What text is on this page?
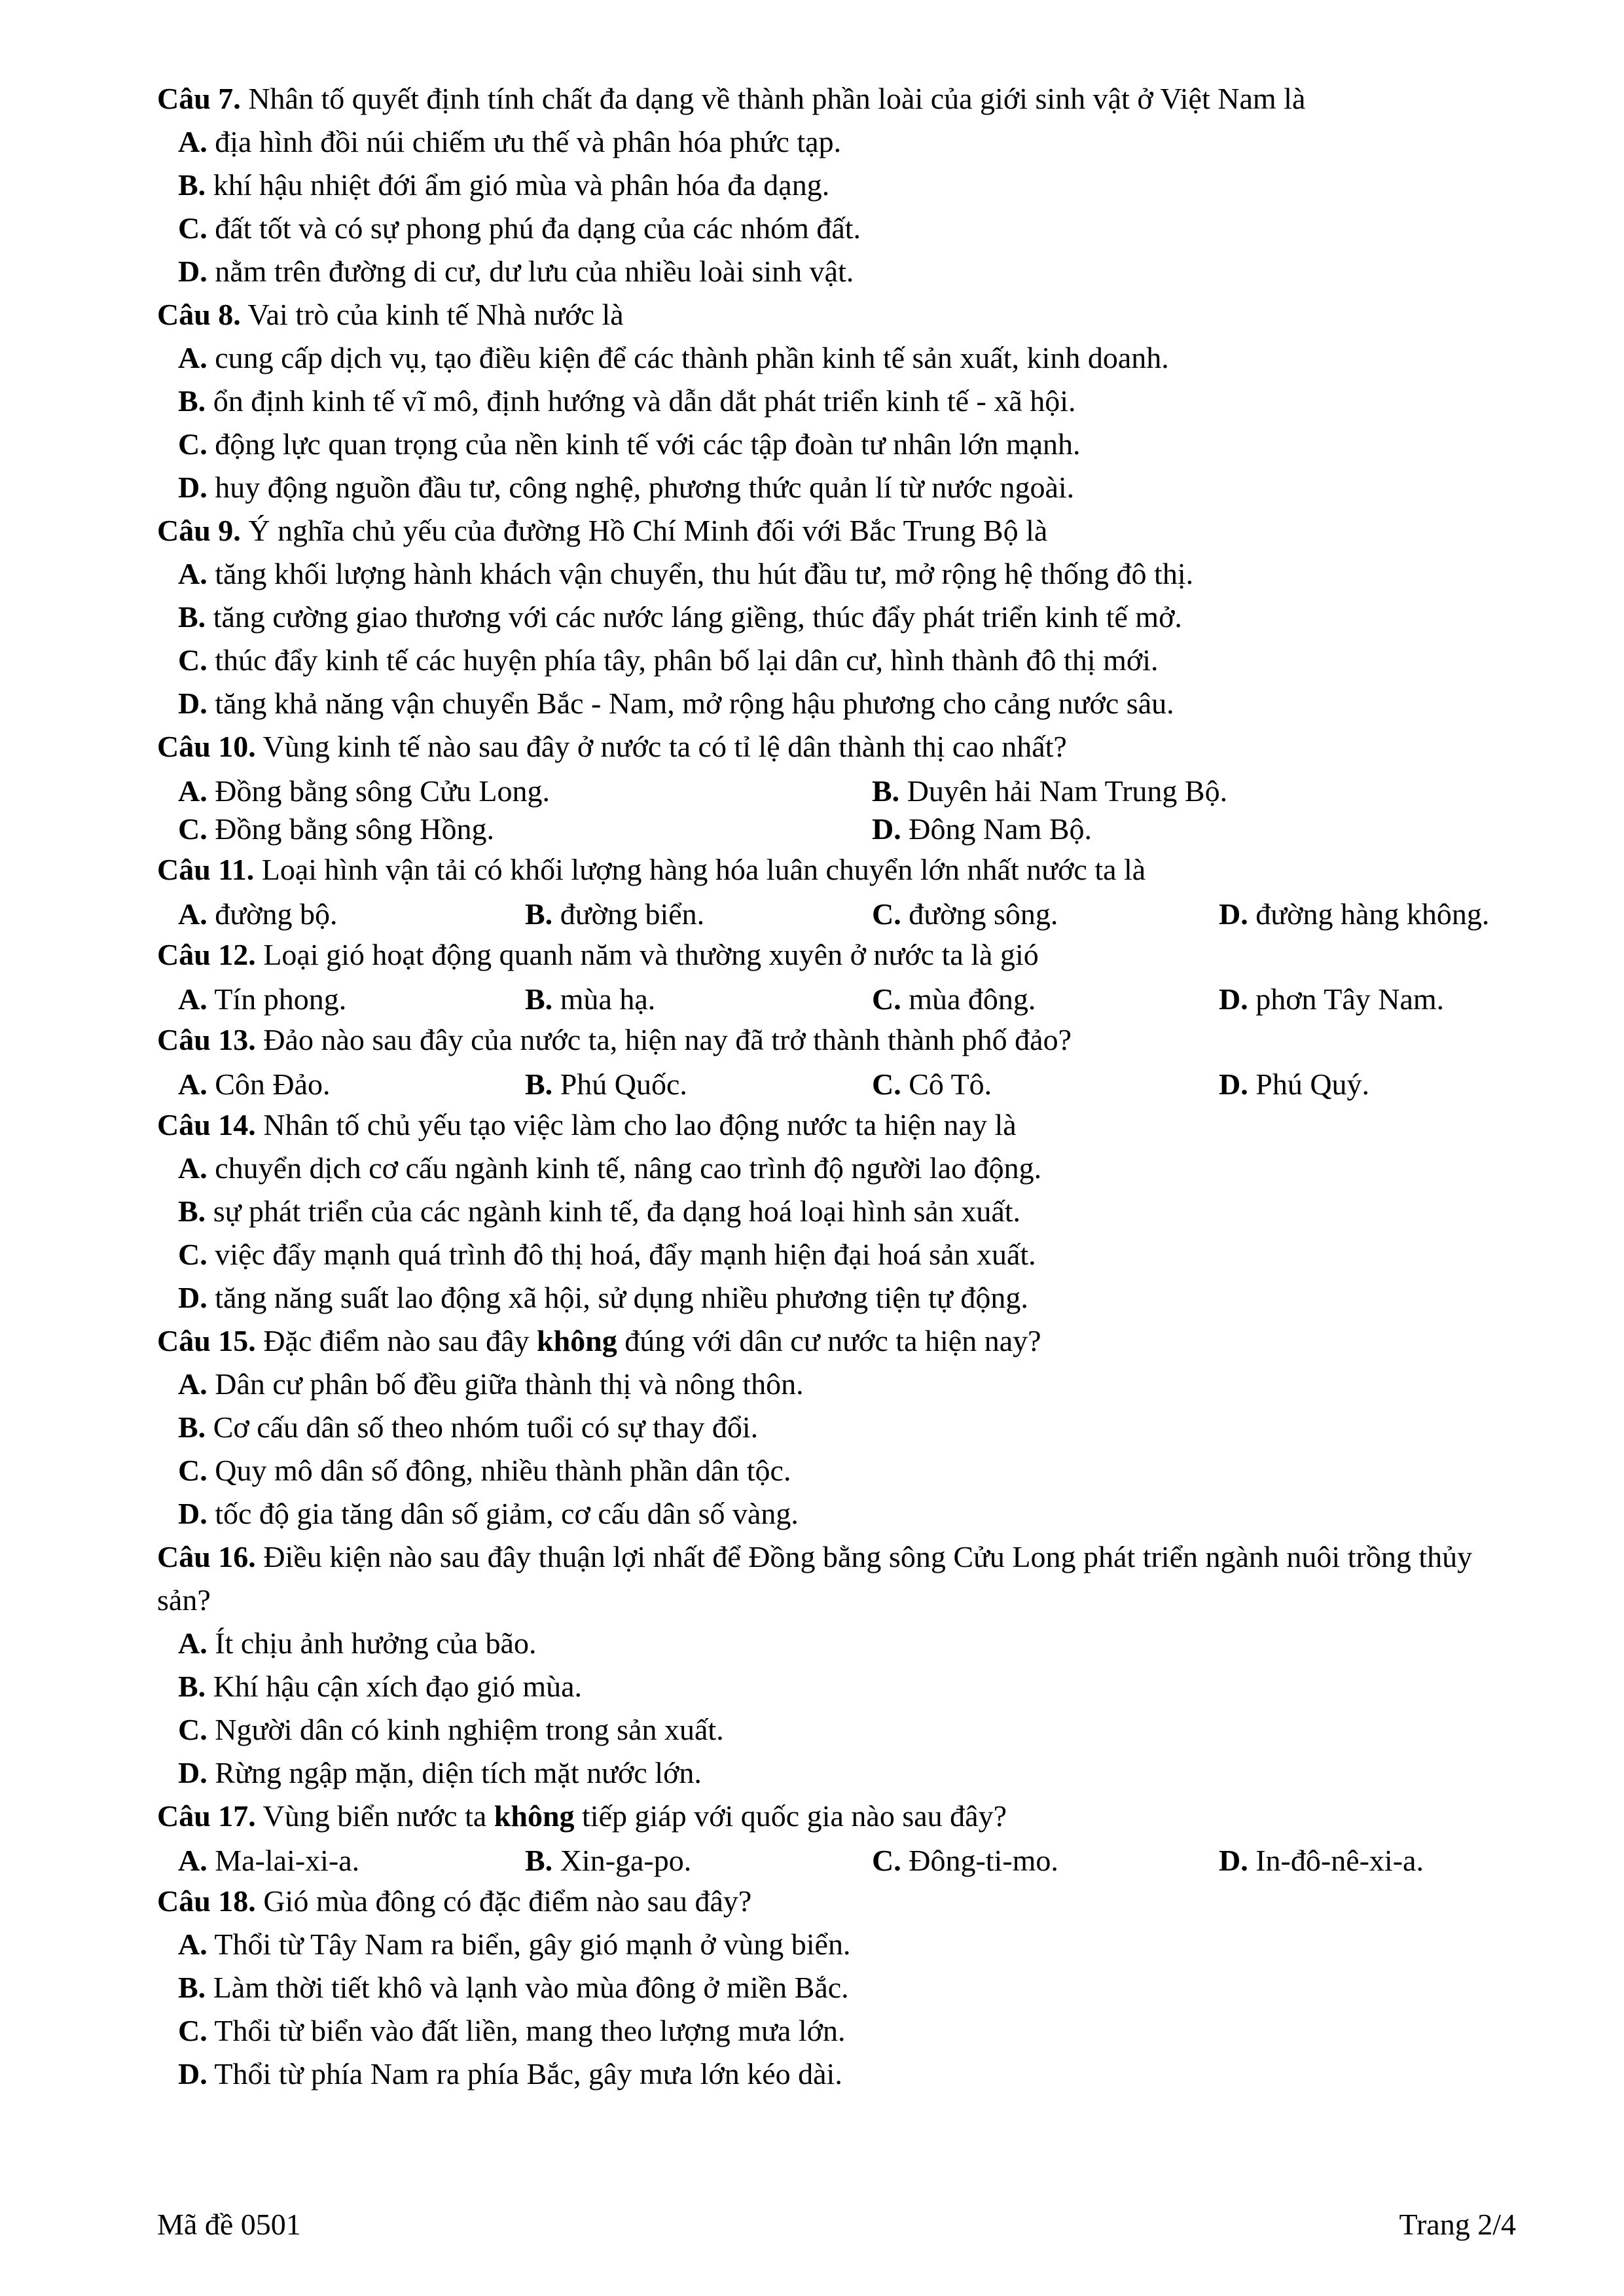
Câu 7. Nhân tố quyết định tính chất đa dạng về thành phần loài của giới sinh vật ở Việt Nam là
A. địa hình đồi núi chiếm ưu thế và phân hóa phức tạp.
B. khí hậu nhiệt đới ẩm gió mùa và phân hóa đa dạng.
C. đất tốt và có sự phong phú đa dạng của các nhóm đất.
D. nằm trên đường di cư, dư lưu của nhiều loài sinh vật.
Câu 8. Vai trò của kinh tế Nhà nước là
A. cung cấp dịch vụ, tạo điều kiện để các thành phần kinh tế sản xuất, kinh doanh.
B. ổn định kinh tế vĩ mô, định hướng và dẫn dắt phát triển kinh tế - xã hội.
C. động lực quan trọng của nền kinh tế với các tập đoàn tư nhân lớn mạnh.
D. huy động nguồn đầu tư, công nghệ, phương thức quản lí từ nước ngoài.
Câu 9. Ý nghĩa chủ yếu của đường Hồ Chí Minh đối với Bắc Trung Bộ là
A. tăng khối lượng hành khách vận chuyển, thu hút đầu tư, mở rộng hệ thống đô thị.
B. tăng cường giao thương với các nước láng giềng, thúc đẩy phát triển kinh tế mở.
C. thúc đẩy kinh tế các huyện phía tây, phân bố lại dân cư, hình thành đô thị mới.
D. tăng khả năng vận chuyển Bắc - Nam, mở rộng hậu phương cho cảng nước sâu.
Câu 10. Vùng kinh tế nào sau đây ở nước ta có tỉ lệ dân thành thị cao nhất?
A. Đồng bằng sông Cửu Long.	B. Duyên hải Nam Trung Bộ.
C. Đồng bằng sông Hồng.	D. Đông Nam Bộ.
Câu 11. Loại hình vận tải có khối lượng hàng hóa luân chuyển lớn nhất nước ta là
A. đường bộ.	B. đường biển.	C. đường sông.	D. đường hàng không.
Câu 12. Loại gió hoạt động quanh năm và thường xuyên ở nước ta là gió
A. Tín phong.	B. mùa hạ.	C. mùa đông.	D. phơn Tây Nam.
Câu 13. Đảo nào sau đây của nước ta, hiện nay đã trở thành thành phố đảo?
A. Côn Đảo.	B. Phú Quốc.	C. Cô Tô.	D. Phú Quý.
Câu 14. Nhân tố chủ yếu tạo việc làm cho lao động nước ta hiện nay là
A. chuyển dịch cơ cấu ngành kinh tế, nâng cao trình độ người lao động.
B. sự phát triển của các ngành kinh tế, đa dạng hoá loại hình sản xuất.
C. việc đẩy mạnh quá trình đô thị hoá, đẩy mạnh hiện đại hoá sản xuất.
D. tăng năng suất lao động xã hội, sử dụng nhiều phương tiện tự động.
Câu 15. Đặc điểm nào sau đây không đúng với dân cư nước ta hiện nay?
A. Dân cư phân bố đều giữa thành thị và nông thôn.
B. Cơ cấu dân số theo nhóm tuổi có sự thay đổi.
C. Quy mô dân số đông, nhiều thành phần dân tộc.
D. tốc độ gia tăng dân số giảm, cơ cấu dân số vàng.
Câu 16. Điều kiện nào sau đây thuận lợi nhất để Đồng bằng sông Cửu Long phát triển ngành nuôi trồng thủy sản?
A. Ít chịu ảnh hưởng của bão.
B. Khí hậu cận xích đạo gió mùa.
C. Người dân có kinh nghiệm trong sản xuất.
D. Rừng ngập mặn, diện tích mặt nước lớn.
Câu 17. Vùng biển nước ta không tiếp giáp với quốc gia nào sau đây?
A. Ma-lai-xi-a.	B. Xin-ga-po.	C. Đông-ti-mo.	D. In-đô-nê-xi-a.
Câu 18. Gió mùa đông có đặc điểm nào sau đây?
A. Thổi từ Tây Nam ra biển, gây gió mạnh ở vùng biển.
B. Làm thời tiết khô và lạnh vào mùa đông ở miền Bắc.
C. Thổi từ biển vào đất liền, mang theo lượng mưa lớn.
D. Thổi từ phía Nam ra phía Bắc, gây mưa lớn kéo dài.
Mã đề 0501	Trang 2/4
